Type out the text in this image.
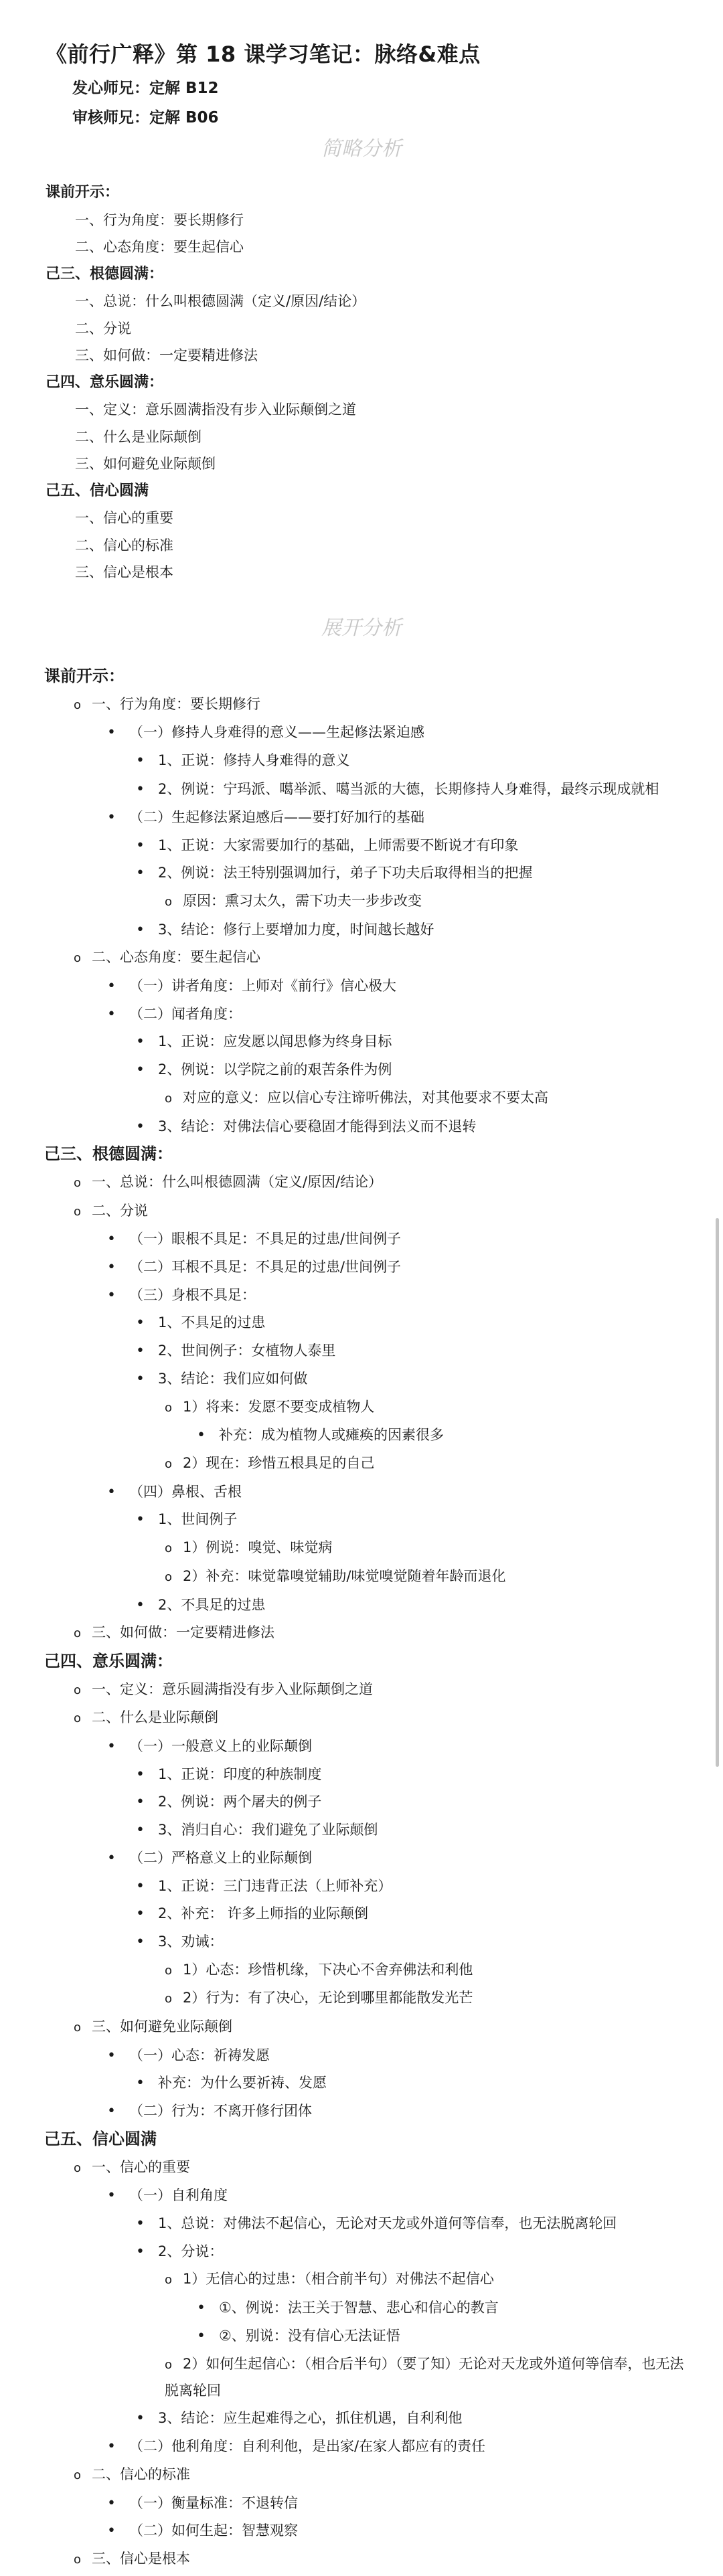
《前行广释》第 18 课学习笔记：脉络&难点
发心师兄：定解 B12
审核师兄：定解 B06
简略分析
课前开示：
一、行为角度：要长期修行
二、心态角度：要生起信心
己三、根德圆满：
一、总说：什么叫根德圆满（定义/原因/结论）
二、分说
三、如何做：一定要精进修法
己四、意乐圆满：
一、定义：意乐圆满指没有步入业际颠倒之道
二、什么是业际颠倒
三、如何避免业际颠倒
己五、信心圆满
一、信心的重要
二、信心的标准
三、信心是根本
展开分析
课前开示：
o 一、行为角度：要长期修行
• （一）修持人身难得的意义——生起修法紧迫感
• 1、正说：修持人身难得的意义
• 2、例说：宁玛派、噶举派、噶当派的大德，长期修持人身难得，最终示现成就相
• （二）生起修法紧迫感后——要打好加行的基础
• 1、正说：大家需要加行的基础，上师需要不断说才有印象
• 2、例说：法王特别强调加行，弟子下功夫后取得相当的把握
o 原因：熏习太久，需下功夫一步步改变
• 3、结论：修行上要增加力度，时间越长越好
o 二、心态角度：要生起信心
• （一）讲者角度：上师对《前行》信心极大
• （二）闻者角度：
• 1、正说：应发愿以闻思修为终身目标
• 2、例说：以学院之前的艰苦条件为例
o 对应的意义：应以信心专注谛听佛法，对其他要求不要太高
• 3、结论：对佛法信心要稳固才能得到法义而不退转
己三、根德圆满：
o 一、总说：什么叫根德圆满（定义/原因/结论）
o 二、分说
• （一）眼根不具足：不具足的过患/世间例子
• （二）耳根不具足：不具足的过患/世间例子
• （三）身根不具足：
• 1、不具足的过患
• 2、世间例子：女植物人泰里
• 3、结论：我们应如何做
o 1）将来：发愿不要变成植物人
• 补充：成为植物人或瘫痪的因素很多
o 2）现在：珍惜五根具足的自己
• （四）鼻根、舌根
• 1、世间例子
o 1）例说：嗅觉、味觉病
o 2）补充：味觉靠嗅觉辅助/味觉嗅觉随着年龄而退化
• 2、不具足的过患
o 三、如何做：一定要精进修法
己四、意乐圆满：
o 一、定义：意乐圆满指没有步入业际颠倒之道
o 二、什么是业际颠倒
• （一）一般意义上的业际颠倒
• 1、正说：印度的种族制度
• 2、例说：两个屠夫的例子
• 3、消归自心：我们避免了业际颠倒
• （二）严格意义上的业际颠倒
• 1、正说：三门违背正法（上师补充）
• 2、补充： 许多上师指的业际颠倒
• 3、劝诫：
o 1）心态：珍惜机缘，下决心不舍弃佛法和利他
o 2）行为：有了决心，无论到哪里都能散发光芒
o 三、如何避免业际颠倒
• （一）心态：祈祷发愿
• 补充：为什么要祈祷、发愿
• （二）行为：不离开修行团体
己五、信心圆满
o 一、信心的重要
• （一）自利角度
• 1、总说：对佛法不起信心，无论对天龙或外道何等信奉，也无法脱离轮回
• 2、分说：
o 1）无信心的过患：（相合前半句）对佛法不起信心
• ①、例说：法王关于智慧、悲心和信心的教言
• ②、别说：没有信心无法证悟
o 2）如何生起信心：（相合后半句）（要了知）无论对天龙或外道何等信奉，也无法脱离轮回
• 3、结论：应生起难得之心，抓住机遇，自利利他
• （二）他利角度：自利利他，是出家/在家人都应有的责任
o 二、信心的标准
• （一）衡量标准：不退转信
• （二）如何生起：智慧观察
o 三、信心是根本
